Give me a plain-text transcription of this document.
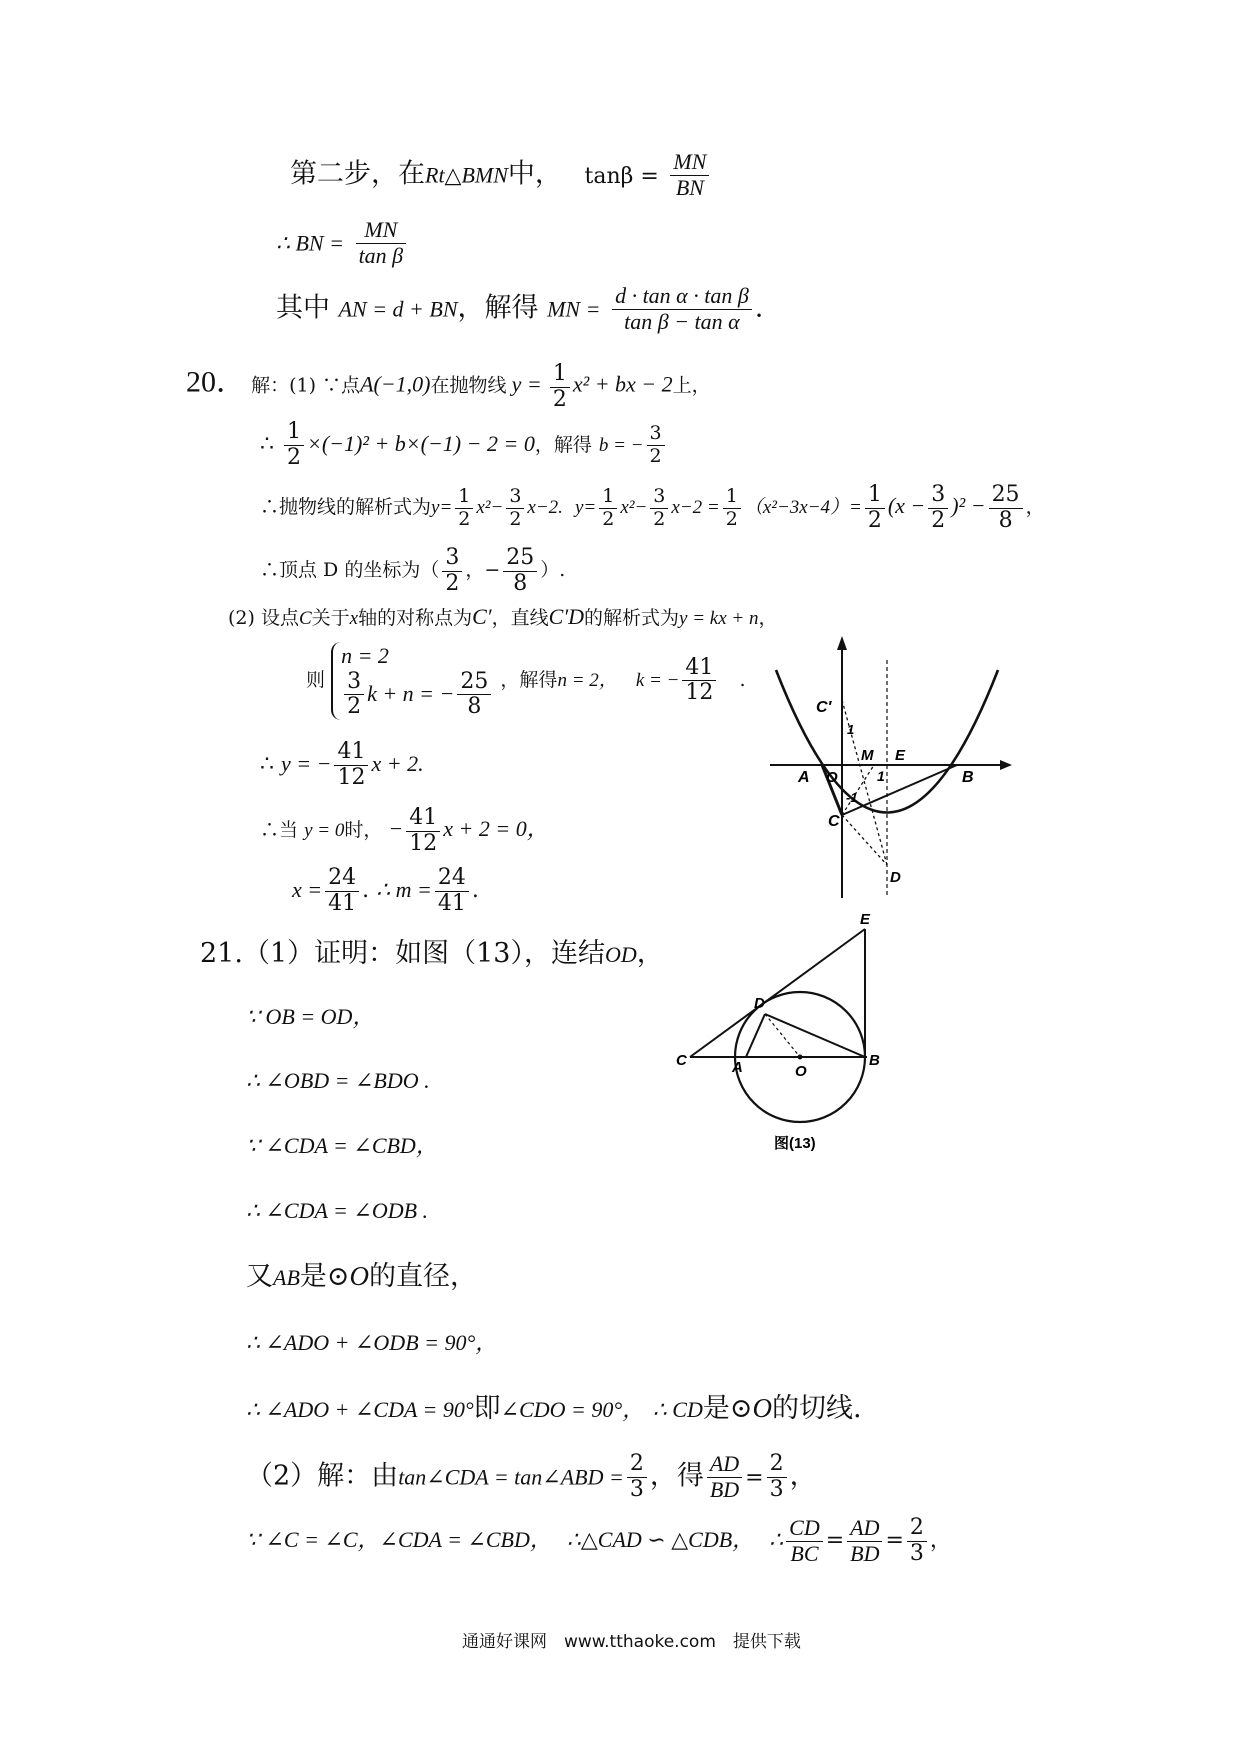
第二步，在Rt△BMN中， $\tan\beta = \frac{MN}{BN}$
∴ BN = $\frac{MN}{\text{tan β}}$
其中 AN = d + BN，解得 MN = $\frac{\text{d · tan α · tan β}}{\text{tan β − tan α}}$ .
20． 解：(1) ∵点A(−1,0)在抛物线 $y = \frac{1}{2} x^2$ + bx − 2上，
∴ $\frac{1}{2} \times(-1)^2 + b\times(-1) - 2 = 0$，解得 b = − $\frac{3}{2}$
∴抛物线的解析式为$y= \frac{1}{2} x^2- \frac{3}{2} x-2$. $y= \frac{1}{2} x^2- \frac{3}{2} x-2 = \frac{1}{2} (x^2-3x-4)= \frac{1}{2} (x - \frac{3}{2} )^2 - \frac{25}{8}$ ，
∴顶点 D 的坐标为（ $\frac{3}{2}$ ，− $\frac{25}{8}$ ）.
(2) 设点C关于x轴的对称点为C′，直线C′D的解析式为y = kx + n，
则
n = 2
$\frac{3}{2}$ k + n = − $\frac{25}{8}$ ，解得n = 2， k = − $\frac{41}{12}$ .
∴ y = − $\frac{41}{12}$ x + 2.
∴当 y = 0时， − $\frac{41}{12}$ x + 2 = 0，
$x = \frac{24}{41}$ . ∴ $m = \frac{24}{41}$ .
A O
M
1
E
B
C′
1
-1
C
D
21.（1）证明：如图（13），连结OD，
∵ OB = OD，
∴ ∠OBD = ∠BDO .
∵ ∠CDA = ∠CBD，
∴ ∠CDA = ∠ODB .
又AB是⊙O的直径，
∴ ∠ADO + ∠ODB = 90°，
∴ ∠ADO + ∠CDA = 90°即∠CDO = 90°， ∴ CD是⊙O的切线.
（2）解：由tan∠CDA = tan∠ABD = $\frac{2}{3}$ ，得 $\frac{AD}{BD} = \frac{2}{3}$ ，
∵ ∠C = ∠C，∠CDA = ∠CBD， ∴△CAD ∽ △CDB， ∴ $\frac{CD}{BC} = \frac{AD}{BD} = \frac{2}{3}$ ，
E
D
C	A	O
B
图(13)
通通好课网　www.tthaoke.com　提供下载
